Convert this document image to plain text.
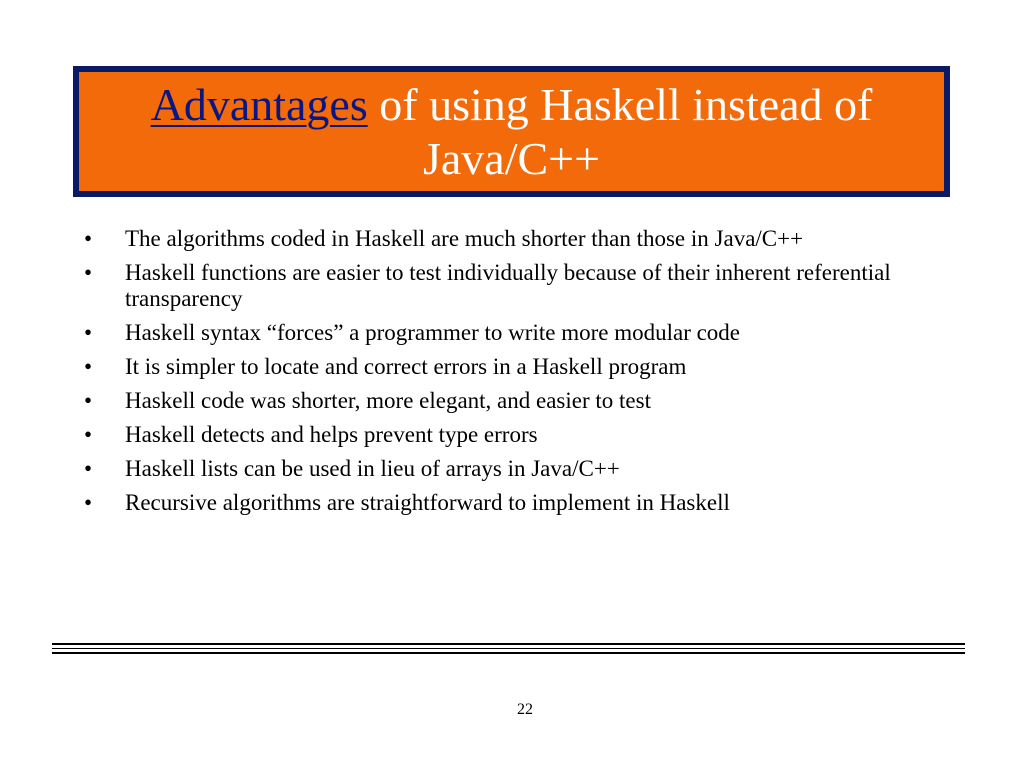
Advantages of using Haskell instead of
Java/C++
•	The algorithms coded in Haskell are much shorter than those in Java/C++
•	Haskell functions are easier to test individually because of their inherent referential transparency
•	Haskell syntax “forces” a programmer to write more modular code
•	It is simpler to locate and correct errors in a Haskell program
•	Haskell code was shorter, more elegant, and easier to test
•	Haskell detects and helps prevent type errors
•	Haskell lists can be used in lieu of arrays in Java/C++
•	Recursive algorithms are straightforward to implement in Haskell
22
